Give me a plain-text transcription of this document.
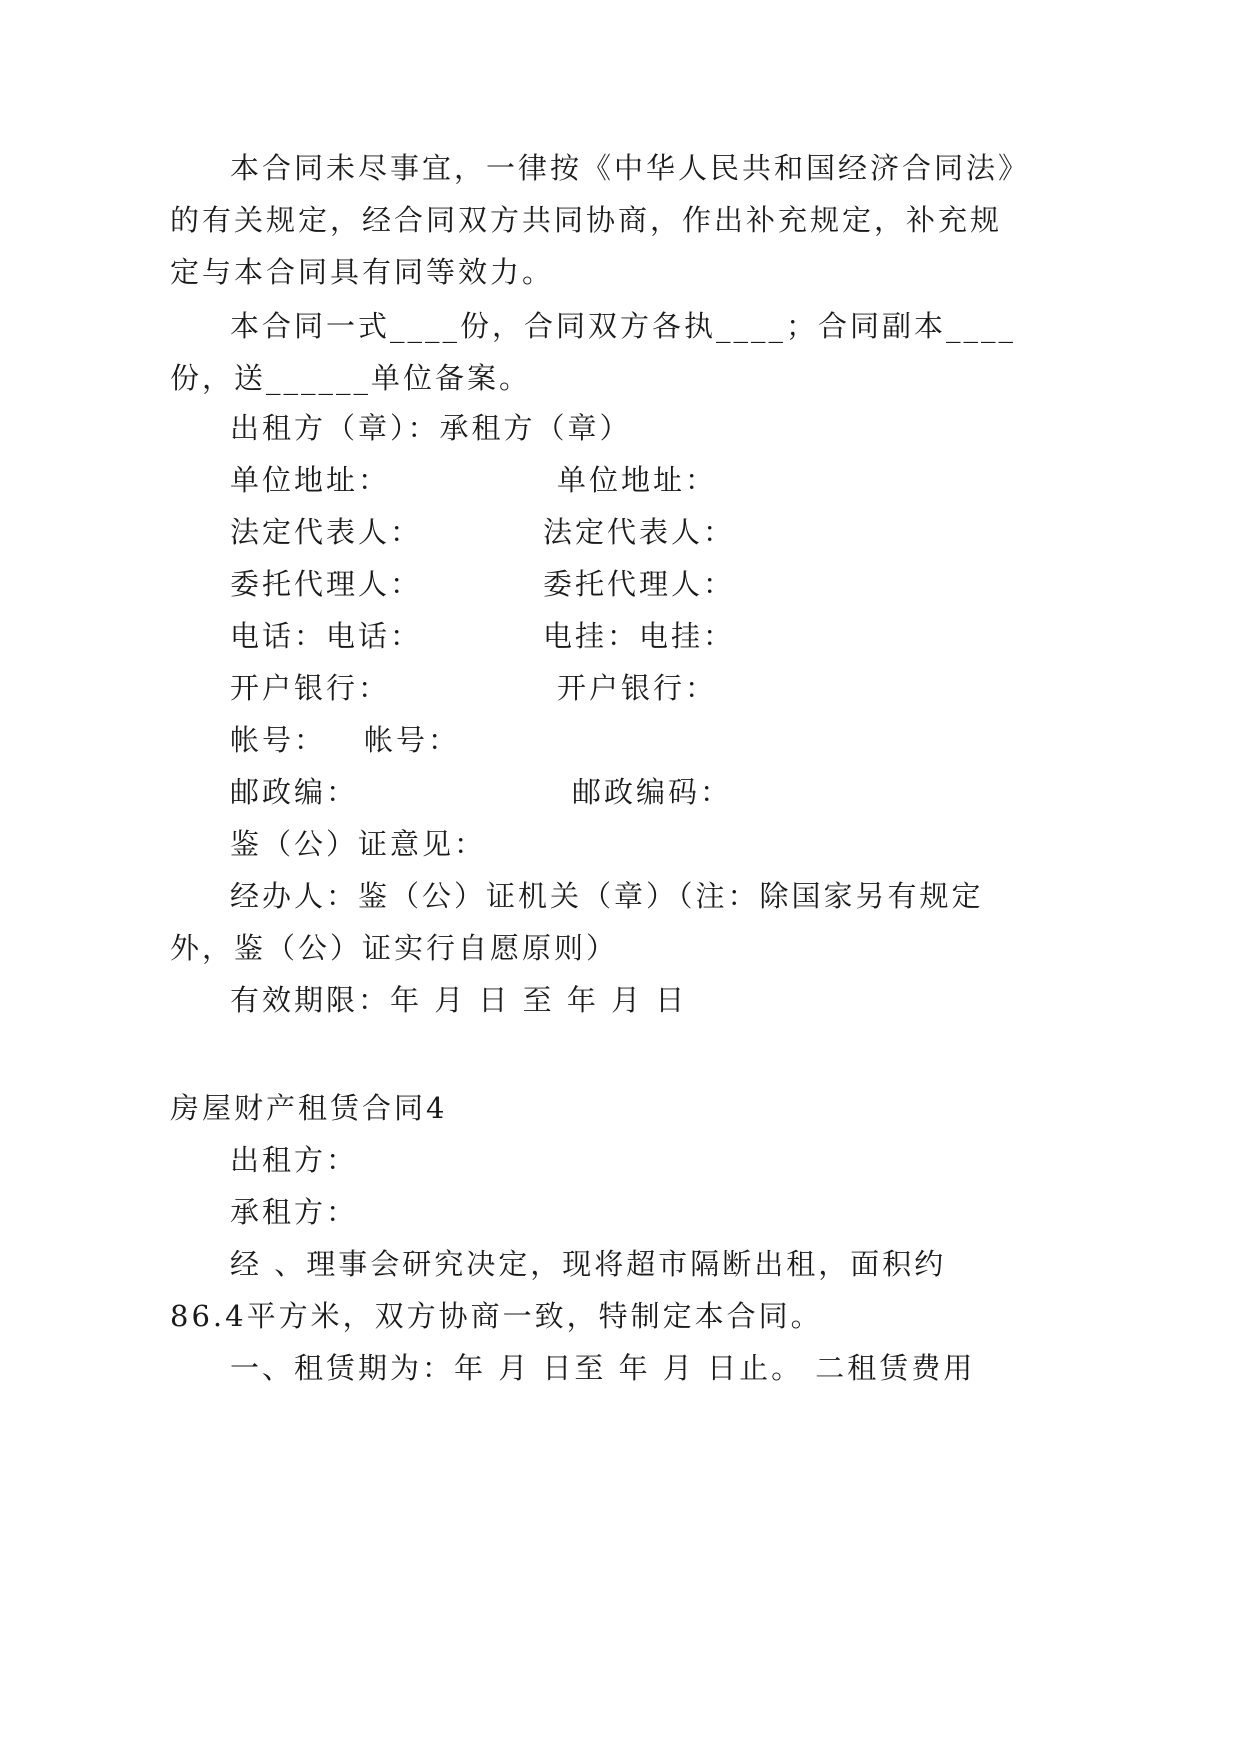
本合同未尽事宜，一律按《中华人民共和国经济合同法》
的有关规定，经合同双方共同协商，作出补充规定，补充规
定与本合同具有同等效力。
本合同一式____份，合同双方各执____；合同副本____
份，送______单位备案。
出租方（章）：承租方（章）
单位地址：	单位地址：
法定代表人：	法定代表人：
委托代理人：	委托代理人：
电话：电话：	电挂：电挂：
开户银行：	开户银行：
帐号： 帐号：
邮政编：	邮政编码：
鉴（公）证意见：
经办人：鉴（公）证机关（章）（注：除国家另有规定
外，鉴（公）证实行自愿原则）
有效期限：年 月 日 至 年 月 日
房屋财产租赁合同4
出租方：
承租方：
经 、理事会研究决定，现将超市隔断出租，面积约
86.4平方米，双方协商一致，特制定本合同。
一、租赁期为：年 月 日至 年 月 日止。 二租赁费用
